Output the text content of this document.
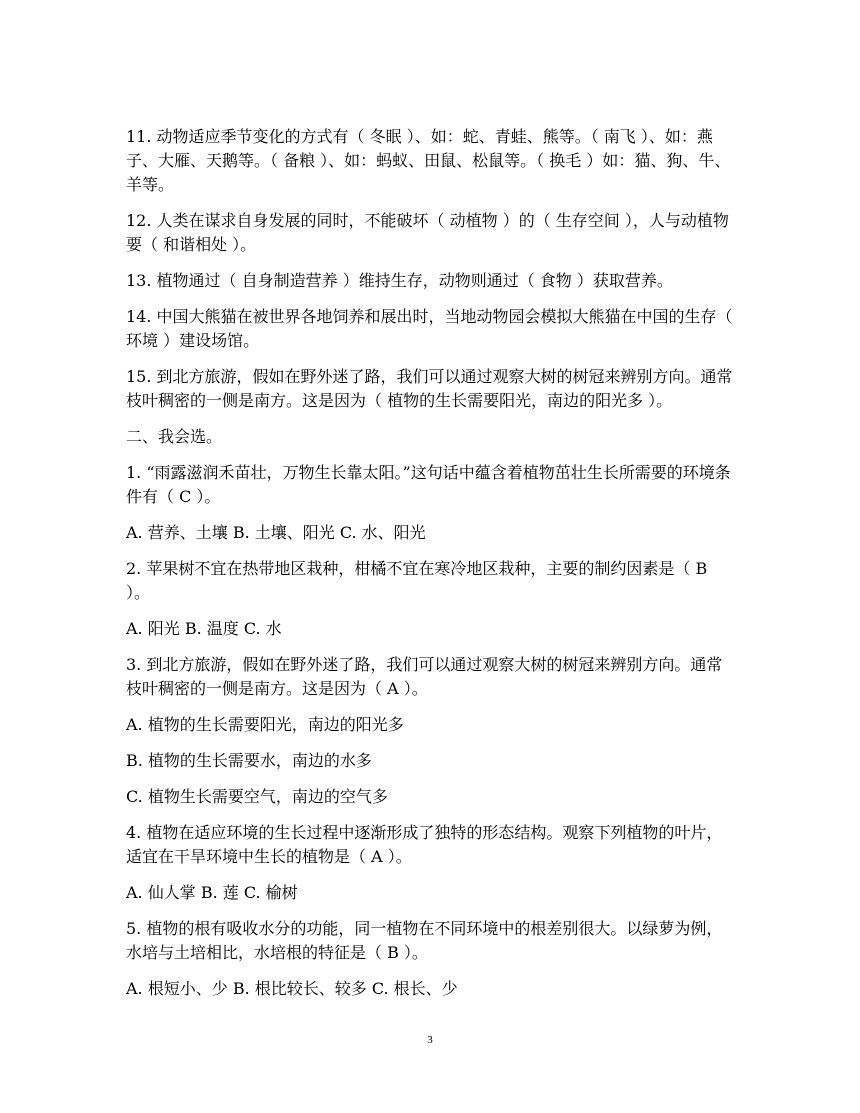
11. 动物适应季节变化的方式有（ 冬眠 ）、如：蛇、青蛙、熊等。（ 南飞 ）、如：燕子、大雁、天鹅等。（ 备粮 ）、如：蚂蚁、田鼠、松鼠等。（ 换毛 ）如：猫、狗、牛、羊等。

12. 人类在谋求自身发展的同时，不能破坏（ 动植物 ）的（ 生存空间 ），人与动植物要（ 和谐相处 ）。

13. 植物通过（ 自身制造营养 ）维持生存，动物则通过（ 食物 ）获取营养。

14. 中国大熊猫在被世界各地饲养和展出时，当地动物园会模拟大熊猫在中国的生存（ 环境 ）建设场馆。

15. 到北方旅游，假如在野外迷了路，我们可以通过观察大树的树冠来辨别方向。通常枝叶稠密的一侧是南方。这是因为（ 植物的生长需要阳光，南边的阳光多 ）。

二、我会选。

1. “雨露滋润禾苗壮，万物生长靠太阳。”这句话中蕴含着植物茁壮生长所需要的环境条件有（ C ）。

A. 营养、土壤 B. 土壤、阳光 C. 水、阳光

2. 苹果树不宜在热带地区栽种，柑橘不宜在寒冷地区栽种，主要的制约因素是（ B ）。

A. 阳光 B. 温度 C. 水

3. 到北方旅游，假如在野外迷了路，我们可以通过观察大树的树冠来辨别方向。通常枝叶稠密的一侧是南方。这是因为（ A ）。

A. 植物的生长需要阳光，南边的阳光多

B. 植物的生长需要水，南边的水多

C. 植物生长需要空气，南边的空气多

4. 植物在适应环境的生长过程中逐渐形成了独特的形态结构。观察下列植物的叶片，适宜在干旱环境中生长的植物是（ A ）。

A. 仙人掌 B. 莲 C. 榆树

5. 植物的根有吸收水分的功能，同一植物在不同环境中的根差别很大。以绿萝为例，水培与土培相比，水培根的特征是（ B ）。

A. 根短小、少 B. 根比较长、较多 C. 根长、少

3
